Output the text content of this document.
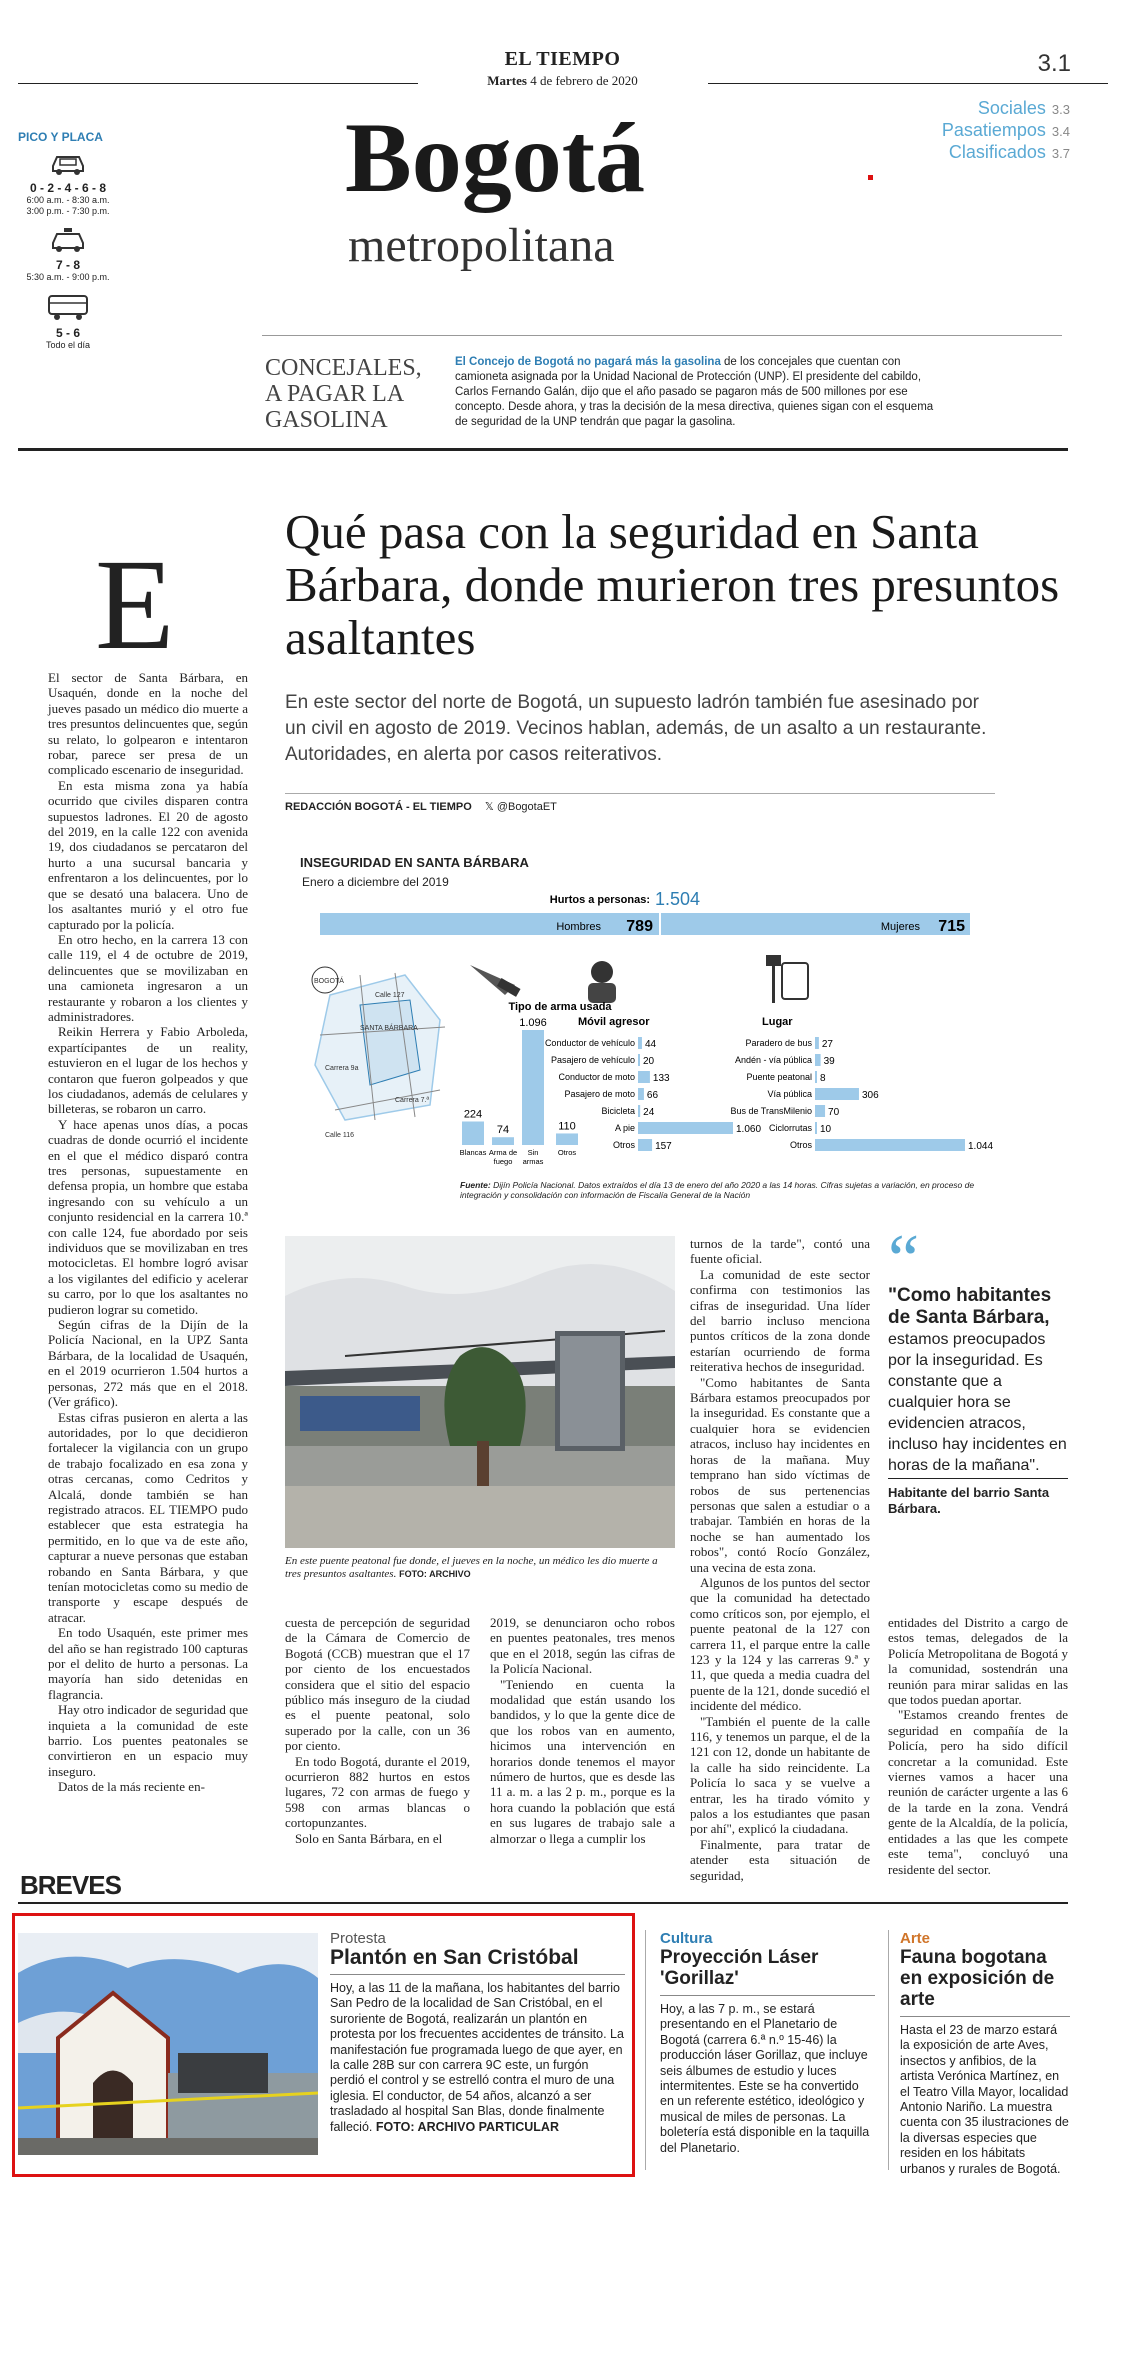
EL TIEMPO
Martes 4 de febrero de 2020
3.1
Sociales 3.3
Pasatiempos 3.4
Clasificados 3.7
Bogotá
metropolitana
PICO Y PLACA
0 - 2 - 4 - 6 - 8
6:00 a.m. - 8:30 a.m.
3:00 p.m. - 7:30 p.m.
7 - 8
5:30 a.m. - 9:00 p.m.
5 - 6
Todo el día
CONCEJALES, A PAGAR LA GASOLINA
El Concejo de Bogotá no pagará más la gasolina de los concejales que cuentan con camioneta asignada por la Unidad Nacional de Protección (UNP). El presidente del cabildo, Carlos Fernando Galán, dijo que el año pasado se pagaron más de 500 millones por ese concepto. Desde ahora, y tras la decisión de la mesa directiva, quienes sigan con el esquema de seguridad de la UNP tendrán que pagar la gasolina.
E
Qué pasa con la seguridad en Santa Bárbara, donde murieron tres presuntos asaltantes
En este sector del norte de Bogotá, un supuesto ladrón también fue asesinado por un civil en agosto de 2019. Vecinos hablan, además, de un asalto a un restaurante. Autoridades, en alerta por casos reiterativos.
REDACCIÓN BOGOTÁ - EL TIEMPO 𝕏 @BogotaET

El sector de Santa Bárbara, en Usaquén, donde en la noche del jueves pasado un médico dio muerte a tres presuntos delincuentes que, según su relato, lo golpearon e intentaron robar, parece ser presa de un complicado escenario de inseguridad.

En esta misma zona ya había ocurrido que civiles disparen contra supuestos ladrones. El 20 de agosto del 2019, en la calle 122 con avenida 19, dos ciudadanos se percataron del hurto a una sucursal bancaria y enfrentaron a los delincuentes, por lo que se desató una balacera. Uno de los asaltantes murió y el otro fue capturado por la policía.

En otro hecho, en la carrera 13 con calle 119, el 4 de octubre de 2019, delincuentes que se movilizaban en una camioneta ingresaron a un restaurante y robaron a los clientes y administradores.

Reikin Herrera y Fabio Arboleda, expartícipantes de un reality, estuvieron en el lugar de los hechos y contaron que fueron golpeados y que los ciudadanos, además de celulares y billeteras, se robaron un carro.

Y hace apenas unos días, a pocas cuadras de donde ocurrió el incidente en el que el médico disparó contra tres personas, supuestamente en defensa propia, un hombre que estaba ingresando con su vehículo a un conjunto residencial en la carrera 10.ª con calle 124, fue abordado por seis individuos que se movilizaban en tres motocicletas. El hombre logró avisar a los vigilantes del edificio y acelerar su carro, por lo que los asaltantes no pudieron lograr su cometido.

Según cifras de la Dijín de la Policía Nacional, en la UPZ Santa Bárbara, de la localidad de Usaquén, en el 2019 ocurrieron 1.504 hurtos a personas, 272 más que en el 2018. (Ver gráfico).

Estas cifras pusieron en alerta a las autoridades, por lo que decidieron fortalecer la vigilancia con un grupo de trabajo focalizado en esa zona y otras cercanas, como Cedritos y Alcalá, donde también se han registrado atracos. EL TIEMPO pudo establecer que esta estrategia ha permitido, en lo que va de este año, capturar a nueve personas que estaban robando en Santa Bárbara, y que tenían motocicletas como su medio de transporte y escape después de atracar.

En todo Usaquén, este primer mes del año se han registrado 100 capturas por el delito de hurto a personas. La mayoría han sido detenidas en flagrancia.

Hay otro indicador de seguridad que inquieta a la comunidad de este barrio. Los puentes peatonales se convirtieron en un espacio muy inseguro.

Datos de la más reciente en-

INSEGURIDAD EN SANTA BÁRBARA
Enero a diciembre del 2019
Hurtos a personas: 1.504
Hombres 789	Mujeres 715
BOGOTÁ
Calle 127
SANTA BÁRBARA
Carrera 9a
Carrera 7.ª
Calle 116
Tipo de arma usada
224
Blancas
74
Arma de
fuego
1.096
Sin
armas
110
Otros
Móvil agresor
Conductor de vehículo 44
Pasajero de vehículo 20
Conductor de moto 133
Pasajero de moto 66
Bicicleta 24
A pie	1.060
Otros 157
Lugar
Paradero de bus 27
Andén - vía pública 39
Puente peatonal 8
Vía pública	306
Bus de TransMilenio 70
Ciclorrutas 10
Otros	1.044
Fuente: Dijín Policía Nacional. Datos extraídos el día 13 de enero del año 2020 a las 14 horas. Cifras sujetas a variación, en proceso de integración y consolidación con información de Fiscalía General de la Nación
En este puente peatonal fue donde, el jueves en la noche, un médico les dio muerte a tres presuntos asaltantes. FOTO: ARCHIVO

cuesta de percepción de seguridad de la Cámara de Comercio de Bogotá (CCB) muestran que el 17 por ciento de los encuestados considera que el sitio del espacio público más inseguro de la ciudad es el puente peatonal, solo superado por la calle, con un 36 por ciento.

En todo Bogotá, durante el 2019, ocurrieron 882 hurtos en estos lugares, 72 con armas de fuego y 598 con armas blancas o cortopunzantes.

Solo en Santa Bárbara, en el

2019, se denunciaron ocho robos en puentes peatonales, tres menos que en el 2018, según las cifras de la Policía Nacional.

"Teniendo en cuenta la modalidad que están usando los bandidos, y lo que la gente dice de que los robos van en aumento, hicimos una intervención en horarios donde tenemos el mayor número de hurtos, que es desde las 11 a. m. a las 2 p. m., porque es la hora cuando la población que está en sus lugares de trabajo sale a almorzar o llega a cumplir los

turnos de la tarde", contó una fuente oficial.

La comunidad de este sector confirma con testimonios las cifras de inseguridad. Una líder del barrio incluso menciona puntos críticos de la zona donde estarían ocurriendo de forma reiterativa hechos de inseguridad.

"Como habitantes de Santa Bárbara estamos preocupados por la inseguridad. Es constante que a cualquier hora se evidencien atracos, incluso hay incidentes en horas de la mañana. Muy temprano han sido víctimas de robos de sus pertenencias personas que salen a estudiar o a trabajar. También en horas de la noche se han aumentado los robos", contó Rocío González, una vecina de esta zona.

Algunos de los puntos del sector que la comunidad ha detectado como críticos son, por ejemplo, el puente peatonal de la 127 con carrera 11, el parque entre la calle 123 y la 124 y las carreras 9.ª y 11, que queda a media cuadra del puente de la 121, donde sucedió el incidente del médico.

"También el puente de la calle 116, y tenemos un parque, el de la 121 con 12, donde un habitante de la calle ha sido reincidente. La Policía lo saca y se vuelve a entrar, les ha tirado vómito y palos a los estudiantes que pasan por ahí", explicó la ciudadana.

Finalmente, para tratar de atender esta situación de seguridad,

“
"Como habitantes de Santa Bárbara, estamos preocupados por la inseguridad. Es constante que a cualquier hora se evidencien atracos, incluso hay incidentes en horas de la mañana".
Habitante del barrio Santa Bárbara.

entidades del Distrito a cargo de estos temas, delegados de la Policía Metropolitana de Bogotá y la comunidad, sostendrán una reunión para mirar salidas en las que todos puedan aportar.

"Estamos creando frentes de seguridad en compañía de la Policía, pero ha sido difícil concretar a la comunidad. Este viernes vamos a hacer una reunión de carácter urgente a las 6 de la tarde en la zona. Vendrá gente de la Alcaldía, de la policía, entidades a las que les compete este tema", concluyó una residente del sector.

BREVES
Protesta
Plantón en San Cristóbal
Hoy, a las 11 de la mañana, los habitantes del barrio San Pedro de la localidad de San Cristóbal, en el suroriente de Bogotá, realizarán un plantón en protesta por los frecuentes accidentes de tránsito. La manifestación fue programada luego de que ayer, en la calle 28B sur con carrera 9C este, un furgón perdió el control y se estrelló contra el muro de una iglesia. El conductor, de 54 años, alcanzó a ser trasladado al hospital San Blas, donde finalmente falleció. FOTO: ARCHIVO PARTICULAR
Cultura
Proyección Láser 'Gorillaz'
Hoy, a las 7 p. m., se estará presentando en el Planetario de Bogotá (carrera 6.ª n.º 15-46) la producción láser Gorillaz, que incluye seis álbumes de estudio y luces intermitentes. Este se ha convertido en un referente estético, ideológico y musical de miles de personas. La boletería está disponible en la taquilla del Planetario.
Arte
Fauna bogotana en exposición de arte
Hasta el 23 de marzo estará la exposición de arte Aves, insectos y anfibios, de la artista Verónica Martínez, en el Teatro Villa Mayor, localidad Antonio Nariño. La muestra cuenta con 35 ilustraciones de la diversas especies que residen en los hábitats urbanos y rurales de Bogotá.
